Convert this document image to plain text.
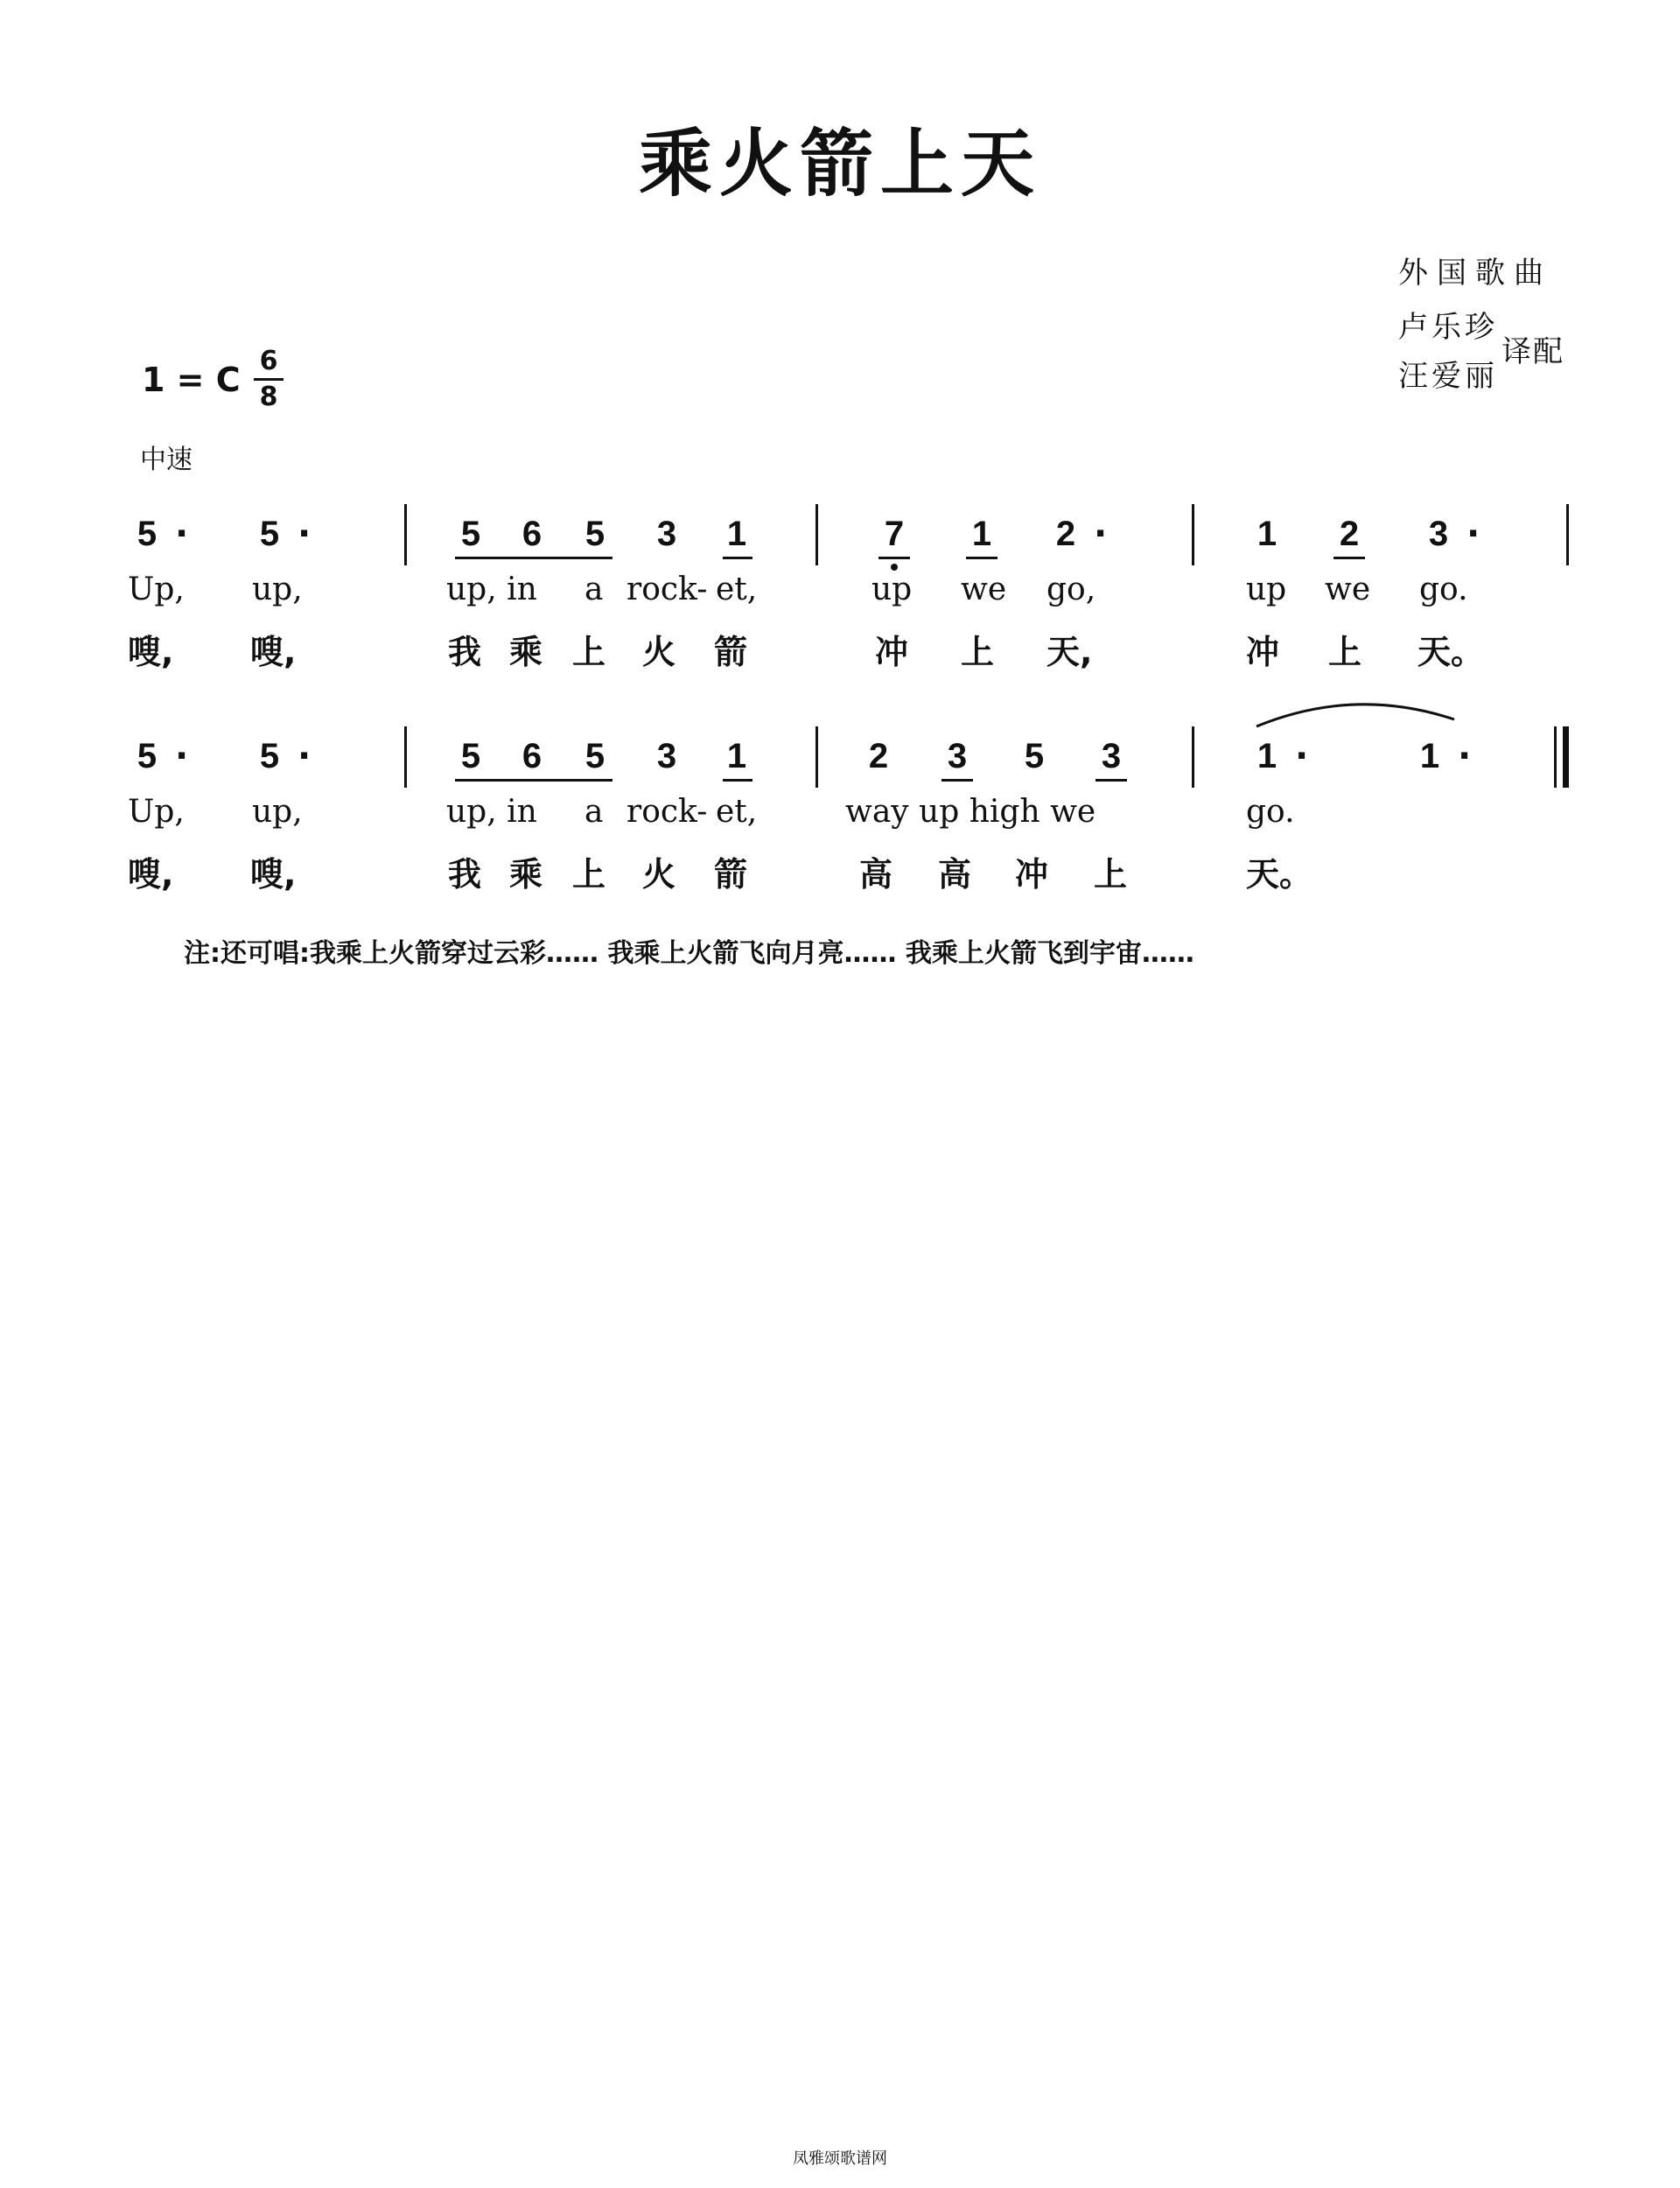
乘火箭上天
外国歌曲
卢乐珍
汪爱丽
译配
1 = C 6
8
中速
5 · 5 ·	5 6 5 3 1	7 1 2 ·	1 2 3 ·
Up, up,	up, in a rock- et,	up we go,	up we go.
嗖, 嗖,	我 乘 上 火 箭	冲 上 天,	冲 上 天。
5 · 5 ·	5 6 5 3 1	2 3 5 3	1 ·	1 ·
Up, up,	up, in a rock- et,	way up high we	go.
嗖, 嗖,	我 乘 上 火 箭	高 高 冲 上	天。
注:还可唱:我乘上火箭穿过云彩…… 我乘上火箭飞向月亮…… 我乘上火箭飞到宇宙……
凤雅颂歌谱网
